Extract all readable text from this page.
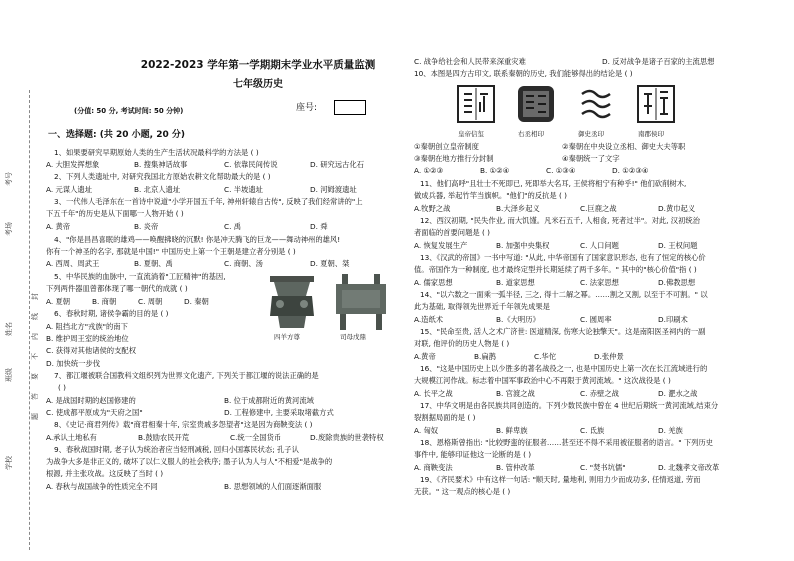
考号
考场
封
线
内
不
要
答
题
姓名
班级
学校
2022-2023 学年第一学期期末学业水平质量监测
七年级历史
(分值: 50 分, 考试时间: 50 分钟)	座号:
一、选择题: (共 20 小题, 20 分)
1、如果要研究早期原始人类的生产生活状况最科学的方法是 ( )
A. 大胆发挥想象	B. 搜集神话故事	C. 依靠民间传说	D. 研究远古化石
2、下列人类遗址中, 对研究我国北方原始农耕文化帮助最大的是 ( )
A. 元谋人遗址	B. 北京人遗址	C. 半坡遗址	D. 河姆渡遗址
3、一代伟人毛泽东在一首诗中说道"小学开国五千年, 神州轩辕自古传", 反映了我们经常讲的"上
下五千年"的历史是从下面哪一人物开始 ( )
A. 黄帝	B. 炎帝	C. 禹	D. 舜
4、"你是昌昌喜眠的雄鸡——唤醒拂晓的沉默! 你是冲天腾飞的巨龙——舞动神州的雄风!
你有一个神圣的名字, 那就是中国!" 中国历史上第一个王朝是建立者分别是 ( )
A. 西周、周武王	B. 夏朝、禹	C. 商朝、汤	D. 夏朝、桀
5、中华民族的血脉中, 一直流淌着"工匠精神"的基因,
下列两件器皿曾都体现了哪一朝代的成就 ( )
A. 夏朝	B. 商朝	C. 周朝	D. 秦朝
四羊方尊	司母戊鼎
6、春秋时期, 诸侯争霸的目的是 ( )
A. 阻挡北方"戎族"的南下
B. 维护周王室的统治地位
C. 获得对其他诸侯的支配权
D. 加快统一步伐
7、都江堰被联合国教科文组织列为世界文化遗产, 下列关于都江堰的说法正确的是
( )
A. 是战国时期的赵国修建的	B. 位于成都附近的黄河流域
C. 使成都平原成为"天府之国"	D. 工程修建中, 主要采取堵截方式
8、《史记·商君列传》载"商君相秦十年, 宗室贵戚多怨望者"这是因为商鞅变法 ( )
A.承认土地私有	B.鼓励农民开荒	C.统一全国货币	D.废除贵族的世袭特权
9、春秋战国时期, 老子认为统治者应当轻刑减税, 回归小国寡民状态; 孔子认
为战争大多是非正义的, 破坏了以仁义服人的社会秩序; 墨子认为人与人"不相爱"是战争的
根源, 并主张攻战。这反映了当时 ( )
A. 春秋与战国战争的性质完全不同	B. 思想领域的人们面逐渐面服
C. 战争给社会和人民带来深重灾难	D. 反对战争是诸子百家的主流思想
10、本图是四方古印文, 联系秦朝的历史, 我们能够得出的结论是 ( )
皇帝信玺	右丞相印	御史丞印	南郡侯印
①秦朝创立皇帝制度	②秦朝在中央设立丞相、御史大夫等职
③秦朝在地方推行分封制	④秦朝统一了文字
A. ①②③	B. ①②④	C. ①③④	D. ①②③④
11、他们高呼"且壮士不死即已, 死即举大名耳, 王侯将相宁有种乎!" 他们砍削树木,
做成兵器, 举起竹竿当旗帜。"他们"的反抗是 ( )
A.牧野之战	B.大泽乡起义	C.巨鹿之战	D.黄巾起义
12、西汉初期, "民失作业, 而大饥馑。凡米石五千, 人相食, 死者过半"。对此, 汉初统治
者面临的首要问题是 ( )
A. 恢复发展生产	B. 加强中央集权	C. 人口问题	D. 王权问题
13、《汉武的帝国》一书中写道: "从此, 中华帝国有了国家意识形态, 也有了恒定的核心价
值。帝国作为一种制度, 也才最终定型并长期延续了两千多年。" 其中的"核心价值"指 ( )
A. 儒家思想	B. 道家思想	C. 法家思想	D.佛教思想
14、"以六数之一面乘一弧半径, 三之, 得十二解之幂。……割之又割, 以至于不可割。" 以
此为基础, 取得领先世界近千年领先成果是
A.造纸术	B.《大明历》	C. 圆周率	D.印刷术
15、"民命至贵, 活人之术广济世: 医道精深, 伤寒大论独擎天"。这是南阳医圣祠内的一副
对联, 他评价的历史人物是 ( )
A.黄帝	B.扁鹊	C.华佗	D.张仲景
16、"这是中国历史上以少胜多的著名战役之一, 也是中国历史上第一次在长江流域进行的
大规模江河作战。标志着中国军事政治中心不再限于黄河流域。" 这次战役是 ( )
A. 长平之战	B. 官渡之战	C. 赤壁之战	D. 淝水之战
17、中华文明是由各民族共同创造的。下列少数民族中曾在 4 世纪后期统一黄河流域,结束分
裂割据局面的是 ( )
A. 匈奴	B. 鲜卑族	C. 氐族	D. 羌族
18、恩格斯曾指出: "比较野蛮的征服者……甚至还不得不采用被征服者的语言。" 下列历史
事件中, 能够印证他这一论断的是 ( )
A. 商鞅变法	B. 管仲改革	C. "焚书坑儒"	D. 北魏孝文帝改革
19、《齐民要术》中有这样一句话: "顺天时, 量地利, 则用力少而成功多, 任情返道, 劳而
无获。" 这一观点的核心是 ( )
